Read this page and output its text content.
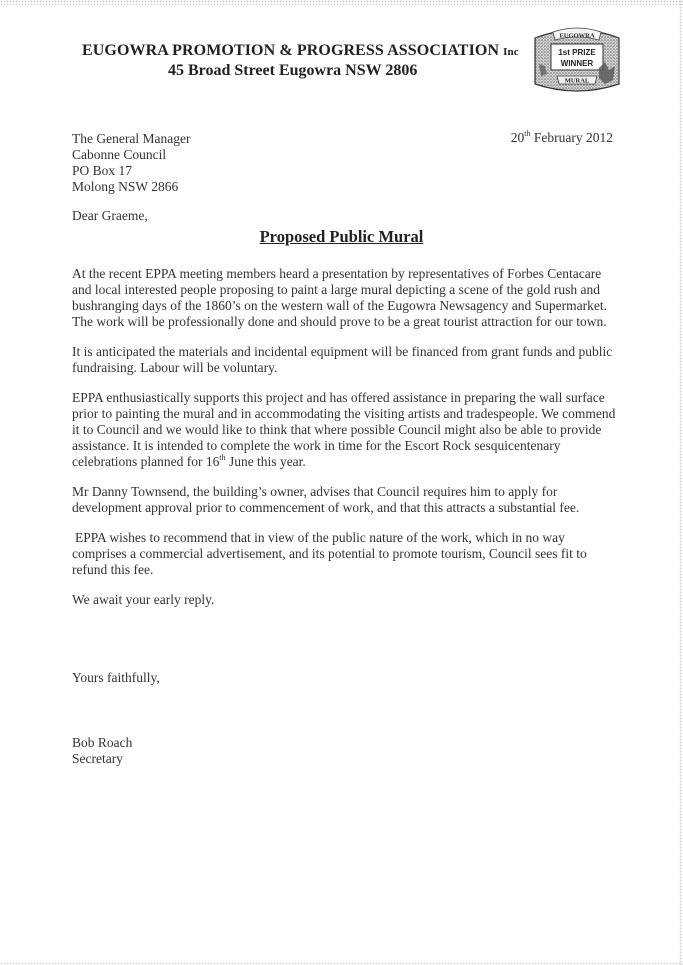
EUGOWRA PROMOTION & PROGRESS ASSOCIATION Inc
45 Broad Street Eugowra NSW 2806
EUGOWRA
1st PRIZE
WINNER
MURAL
The General Manager
Cabonne Council
PO Box 17
Molong NSW 2866
20th February 2012
Dear Graeme,
Proposed Public Mural

At the recent EPPA meeting members heard a presentation by representatives of Forbes Centacare and local interested people proposing to paint a large mural depicting a scene of the gold rush and bushranging days of the 1860’s on the western wall of the Eugowra Newsagency and Supermarket. The work will be professionally done and should prove to be a great tourist attraction for our town.

It is anticipated the materials and incidental equipment will be financed from grant funds and public fundraising. Labour will be voluntary.

EPPA enthusiastically supports this project and has offered assistance in preparing the wall surface prior to painting the mural and in accommodating the visiting artists and tradespeople. We commend it to Council and we would like to think that where possible Council might also be able to provide assistance. It is intended to complete the work in time for the Escort Rock sesquicentenary celebrations planned for 16th June this year.

Mr Danny Townsend, the building’s owner, advises that Council requires him to apply for development approval prior to commencement of work, and that this attracts a substantial fee.

EPPA wishes to recommend that in view of the public nature of the work, which in no way comprises a commercial advertisement, and its potential to promote tourism, Council sees fit to refund this fee.

We await your early reply.

Yours faithfully,
Bob Roach
Secretary
